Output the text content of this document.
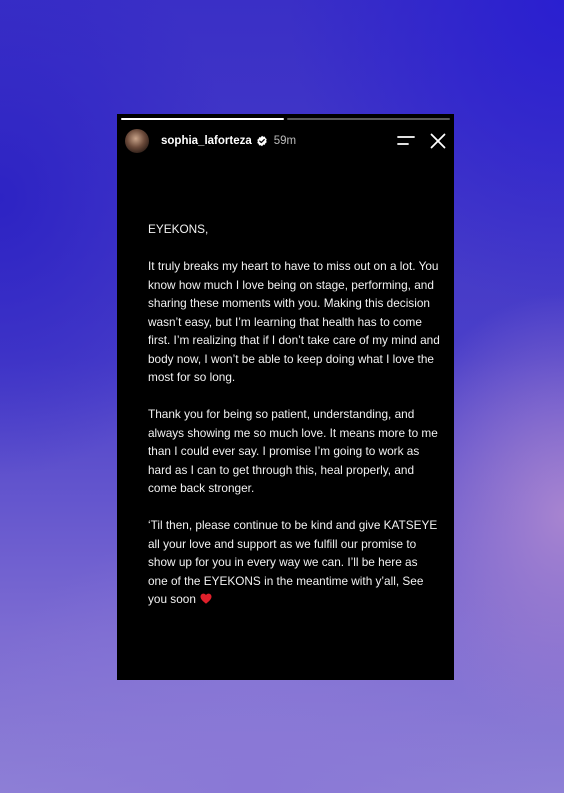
sophia_laforteza 59m

EYEKONS,

It truly breaks my heart to have to miss out on a lot. You know how much I love being on stage, performing, and sharing these moments with you. Making this decision wasn’t easy, but I’m learning that health has to come first. I’m realizing that if I don’t take care of my mind and body now, I won’t be able to keep doing what I love the most for so long.

Thank you for being so patient, understanding, and always showing me so much love. It means more to me than I could ever say. I promise I’m going to work as hard as I can to get through this, heal properly, and come back stronger.

‘Til then, please continue to be kind and give KATSEYE all your love and support as we fulfill our promise to show up for you in every way we can. I’ll be here as one of the EYEKONS in the meantime with y’all, See you soon
